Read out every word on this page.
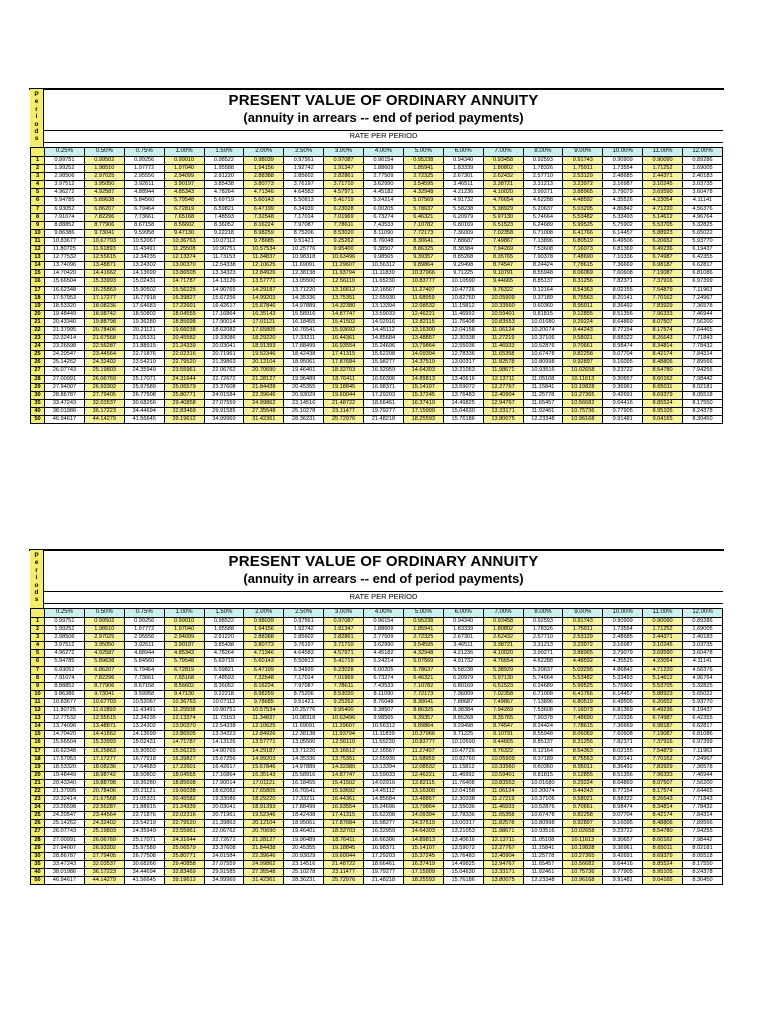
P
e
r
i
o
d
s
PRESENT VALUE OF ORDINARY ANNUITY
(annuity in arrears -- end of period payments)
RATE PER PERIOD
	0.25%	0.50%	0.75%	1.00%	1.50%	2.00%	2.50%	3.00%	4.00%	5.00%	6.00%	7.00%	8.00%	9.00%	10.00%	11.00%	12.00%
1	0.99751	0.99502	0.99256	0.99010	0.98522	0.98039	0.97561	0.97087	0.96154	0.95238	0.94340	0.93458	0.92593	0.91743	0.90909	0.90090	0.89286
2	1.99252	1.98510	1.97772	1.97040	1.95588	1.94156	1.92742	1.91347	1.88609	1.85941	1.83339	1.80802	1.78326	1.75911	1.73554	1.71252	1.69005
3	2.98506	2.97025	2.95556	2.94099	2.91220	2.88388	2.85602	2.82861	2.77509	2.72325	2.67301	2.62432	2.57710	2.53129	2.48685	2.44371	2.40183
4	3.97512	3.95050	3.92611	3.90197	3.85438	3.80773	3.76197	3.71710	3.62990	3.54595	3.46511	3.38721	3.31213	3.23972	3.16987	3.10245	3.03735
5	4.96272	4.92587	4.88944	4.85343	4.78264	4.71346	4.64583	4.57971	4.45182	4.32948	4.21236	4.10020	3.99271	3.88965	3.79079	3.69590	3.60478
6	5.94785	5.89638	5.84560	5.79548	5.69719	5.60143	5.50813	5.41719	5.24214	5.07569	4.91732	4.76654	4.62288	4.48592	4.35526	4.23054	4.11141
7	6.93052	6.86207	6.79464	6.72819	6.59821	6.47199	6.34939	6.23028	6.00205	5.78637	5.58238	5.38929	5.20637	5.03295	4.86842	4.71220	4.56376
8	7.91074	7.82296	7.73661	7.65168	7.48593	7.32548	7.17014	7.01969	6.73274	6.46321	6.20979	5.97130	5.74664	5.53482	5.33493	5.14612	4.96764
9	8.88852	8.77906	8.67158	8.56602	8.36052	8.16224	7.97087	7.78611	7.43533	7.10782	6.80169	6.51523	6.24689	5.99525	5.75902	5.53705	5.32825
10	9.86386	9.73041	9.59958	9.47130	9.22218	8.98259	8.75206	8.53020	8.11090	7.72173	7.36009	7.02358	6.71008	6.41766	6.14457	5.88923	5.65022
11	10.83677	10.67703	10.52067	10.36763	10.07112	9.78685	9.51421	9.25262	8.76048	8.30641	7.88687	7.49867	7.13896	6.80519	6.49506	6.20652	5.93770
12	11.80725	11.61893	11.43491	11.25508	10.90751	10.57534	10.25776	9.95400	9.38507	8.86325	8.38384	7.94269	7.53608	7.16073	6.81369	6.49236	6.19437
13	12.77532	12.55615	12.34235	12.13374	11.73153	11.34837	10.98318	10.63496	9.98565	9.39357	8.85268	8.35765	7.90378	7.48690	7.10336	6.74987	6.42355
14	13.74096	13.48871	13.24302	13.00370	12.54338	12.10625	11.69091	11.29607	10.56312	9.89864	9.29498	8.74547	8.24424	7.78615	7.36669	6.98187	6.62817
15	14.70420	14.41662	14.13699	13.86505	13.34323	12.84926	12.38138	11.93794	11.11839	10.37966	9.71225	9.10791	8.55948	8.06069	7.60608	7.19087	6.81086
16	15.66504	15.33993	15.02431	14.71787	14.13126	13.57771	13.05500	12.56110	11.65230	10.83777	10.10590	9.44665	8.85137	8.31256	7.82371	7.37916	6.97399
17	16.62348	16.25863	15.90502	15.56225	14.90765	14.29187	13.71220	13.16612	12.16567	11.27407	10.47726	9.76322	9.12164	8.54363	8.02155	7.54879	7.11963
18	17.57953	17.17277	16.77918	16.39827	15.67256	14.99203	14.35336	13.75351	12.65930	11.68959	10.82760	10.05909	9.37189	8.75563	8.20141	7.70162	7.24967
19	18.53320	18.08236	17.64683	17.22601	16.42617	15.67846	14.97889	14.32380	13.13394	12.08532	11.15812	10.33560	9.60360	8.95011	8.36492	7.83929	7.36578
20	19.48449	18.98742	18.50802	18.04555	17.16864	16.35143	15.58916	14.87747	13.59033	12.46221	11.46992	10.59401	9.81815	9.12855	8.51356	7.96333	7.46944
21	20.43340	19.88798	19.36280	18.85698	17.90014	17.01121	16.18455	15.41502	14.02916	12.82115	11.76408	10.83553	10.01680	9.29224	8.64869	8.07507	7.56200
22	21.37995	20.78406	20.21121	19.66038	18.62082	17.65805	16.76541	15.93692	14.45112	13.16300	12.04158	11.06124	10.20074	9.44243	8.77154	8.17574	7.64465
23	22.32414	21.67568	21.05331	20.45582	19.33086	18.29220	17.33211	16.44361	14.85684	13.48857	12.30338	11.27219	10.37106	9.58021	8.88322	8.26643	7.71843
24	23.26598	22.56287	21.88915	21.24339	20.03041	18.91393	17.88499	16.93554	15.24696	13.79864	12.55036	11.46933	10.52876	9.70661	8.98474	8.34814	7.78432
25	24.20547	23.44564	22.71876	22.02316	20.71961	19.52346	18.42438	17.41315	15.62208	14.09394	12.78336	11.65358	10.67478	9.82258	9.07704	8.42174	7.84314
26	25.14262	24.32402	23.54219	22.79520	21.39863	20.12104	18.95061	17.87684	15.98277	14.37519	13.00317	11.82578	10.80998	9.92897	9.16095	8.48806	7.89566
27	26.07743	25.19803	24.35949	23.55961	22.06762	20.70690	19.46401	18.32703	16.32959	14.64303	13.21053	11.98671	10.93516	10.02658	9.23722	8.54780	7.94255
28	27.00991	26.06769	25.17071	24.31644	22.72672	21.28127	19.96489	18.76411	16.66306	14.89813	13.40616	12.13711	11.05108	10.11613	9.30657	8.60162	7.98442
29	27.94007	26.93302	25.97589	25.06579	23.37608	21.84438	20.45355	19.18845	16.98371	15.14107	13.59072	12.27767	11.15841	10.19828	9.36961	8.65011	8.02181
30	28.86787	27.79405	26.77508	25.80771	24.01584	22.39646	20.93029	19.60044	17.29203	15.37245	13.76483	12.40904	11.25778	10.27365	9.42691	8.69379	8.05518
35	33.47243	32.03537	30.68266	29.40858	27.07559	24.99862	23.14516	21.48722	18.66461	16.37419	14.49825	12.94767	11.65457	10.56682	9.64416	8.85524	8.17550
40	38.01986	36.17223	34.44694	32.83469	29.91585	27.35548	25.10278	23.11477	19.79277	17.15909	15.04630	13.33171	11.92461	10.75736	9.77905	8.95105	8.24378
50	46.94617	44.14279	41.56645	39.19612	34.99969	31.42361	28.36231	25.72976	21.48218	18.25593	15.76186	13.80075	12.23348	10.96168	9.91481	9.04165	8.30450
P
e
r
i
o
d
s
PRESENT VALUE OF ORDINARY ANNUITY
(annuity in arrears -- end of period payments)
RATE PER PERIOD
	0.25%	0.50%	0.75%	1.00%	1.50%	2.00%	2.50%	3.00%	4.00%	5.00%	6.00%	7.00%	8.00%	9.00%	10.00%	11.00%	12.00%
1	0.99751	0.99502	0.99256	0.99010	0.98522	0.98039	0.97561	0.97087	0.96154	0.95238	0.94340	0.93458	0.92593	0.91743	0.90909	0.90090	0.89286
2	1.99252	1.98510	1.97772	1.97040	1.95588	1.94156	1.92742	1.91347	1.88609	1.85941	1.83339	1.80802	1.78326	1.75911	1.73554	1.71252	1.69005
3	2.98506	2.97025	2.95556	2.94099	2.91220	2.88388	2.85602	2.82861	2.77509	2.72325	2.67301	2.62432	2.57710	2.53129	2.48685	2.44371	2.40183
4	3.97512	3.95050	3.92611	3.90197	3.85438	3.80773	3.76197	3.71710	3.62990	3.54595	3.46511	3.38721	3.31213	3.23972	3.16987	3.10245	3.03735
5	4.96272	4.92587	4.88944	4.85343	4.78264	4.71346	4.64583	4.57971	4.45182	4.32948	4.21236	4.10020	3.99271	3.88965	3.79079	3.69590	3.60478
6	5.94785	5.89638	5.84560	5.79548	5.69719	5.60143	5.50813	5.41719	5.24214	5.07569	4.91732	4.76654	4.62288	4.48592	4.35526	4.23054	4.11141
7	6.93052	6.86207	6.79464	6.72819	6.59821	6.47199	6.34939	6.23028	6.00205	5.78637	5.58238	5.38929	5.20637	5.03295	4.86842	4.71220	4.56376
8	7.91074	7.82296	7.73661	7.65168	7.48593	7.32548	7.17014	7.01969	6.73274	6.46321	6.20979	5.97130	5.74664	5.53482	5.33493	5.14612	4.96764
9	8.88852	8.77906	8.67158	8.56602	8.36052	8.16224	7.97087	7.78611	7.43533	7.10782	6.80169	6.51523	6.24689	5.99525	5.75902	5.53705	5.32825
10	9.86386	9.73041	9.59958	9.47130	9.22218	8.98259	8.75206	8.53020	8.11090	7.72173	7.36009	7.02358	6.71008	6.41766	6.14457	5.88923	5.65022
11	10.83677	10.67703	10.52067	10.36763	10.07112	9.78685	9.51421	9.25262	8.76048	8.30641	7.88687	7.49867	7.13896	6.80519	6.49506	6.20652	5.93770
12	11.80725	11.61893	11.43491	11.25508	10.90751	10.57534	10.25776	9.95400	9.38507	8.86325	8.38384	7.94269	7.53608	7.16073	6.81369	6.49236	6.19437
13	12.77532	12.55615	12.34235	12.13374	11.73153	11.34837	10.98318	10.63496	9.98565	9.39357	8.85268	8.35765	7.90378	7.48690	7.10336	6.74987	6.42355
14	13.74096	13.48871	13.24302	13.00370	12.54338	12.10625	11.69091	11.29607	10.56312	9.89864	9.29498	8.74547	8.24424	7.78615	7.36669	6.98187	6.62817
15	14.70420	14.41662	14.13699	13.86505	13.34323	12.84926	12.38138	11.93794	11.11839	10.37966	9.71225	9.10791	8.55948	8.06069	7.60608	7.19087	6.81086
16	15.66504	15.33993	15.02431	14.71787	14.13126	13.57771	13.05500	12.56110	11.65230	10.83777	10.10590	9.44665	8.85137	8.31256	7.82371	7.37916	6.97399
17	16.62348	16.25863	15.90502	15.56225	14.90765	14.29187	13.71220	13.16612	12.16567	11.27407	10.47726	9.76322	9.12164	8.54363	8.02155	7.54879	7.11963
18	17.57953	17.17277	16.77918	16.39827	15.67256	14.99203	14.35336	13.75351	12.65930	11.68959	10.82760	10.05909	9.37189	8.75563	8.20141	7.70162	7.24967
19	18.53320	18.08236	17.64683	17.22601	16.42617	15.67846	14.97889	14.32380	13.13394	12.08532	11.15812	10.33560	9.60360	8.95011	8.36492	7.83929	7.36578
20	19.48449	18.98742	18.50802	18.04555	17.16864	16.35143	15.58916	14.87747	13.59033	12.46221	11.46992	10.59401	9.81815	9.12855	8.51356	7.96333	7.46944
21	20.43340	19.88798	19.36280	18.85698	17.90014	17.01121	16.18455	15.41502	14.02916	12.82115	11.76408	10.83553	10.01680	9.29224	8.64869	8.07507	7.56200
22	21.37995	20.78406	20.21121	19.66038	18.62082	17.65805	16.76541	15.93692	14.45112	13.16300	12.04158	11.06124	10.20074	9.44243	8.77154	8.17574	7.64465
23	22.32414	21.67568	21.05331	20.45582	19.33086	18.29220	17.33211	16.44361	14.85684	13.48857	12.30338	11.27219	10.37106	9.58021	8.88322	8.26643	7.71843
24	23.26598	22.56287	21.88915	21.24339	20.03041	18.91393	17.88499	16.93554	15.24696	13.79864	12.55036	11.46933	10.52876	9.70661	8.98474	8.34814	7.78432
25	24.20547	23.44564	22.71876	22.02316	20.71961	19.52346	18.42438	17.41315	15.62208	14.09394	12.78336	11.65358	10.67478	9.82258	9.07704	8.42174	7.84314
26	25.14262	24.32402	23.54219	22.79520	21.39863	20.12104	18.95061	17.87684	15.98277	14.37519	13.00317	11.82578	10.80998	9.92897	9.16095	8.48806	7.89566
27	26.07743	25.19803	24.35949	23.55961	22.06762	20.70690	19.46401	18.32703	16.32959	14.64303	13.21053	11.98671	10.93516	10.02658	9.23722	8.54780	7.94255
28	27.00991	26.06769	25.17071	24.31644	22.72672	21.28127	19.96489	18.76411	16.66306	14.89813	13.40616	12.13711	11.05108	10.11613	9.30657	8.60162	7.98442
29	27.94007	26.93302	25.97589	25.06579	23.37608	21.84438	20.45355	19.18845	16.98371	15.14107	13.59072	12.27767	11.15841	10.19828	9.36961	8.65011	8.02181
30	28.86787	27.79405	26.77508	25.80771	24.01584	22.39646	20.93029	19.60044	17.29203	15.37245	13.76483	12.40904	11.25778	10.27365	9.42691	8.69379	8.05518
35	33.47243	32.03537	30.68266	29.40858	27.07559	24.99862	23.14516	21.48722	18.66461	16.37419	14.49825	12.94767	11.65457	10.56682	9.64416	8.85524	8.17550
40	38.01986	36.17223	34.44694	32.83469	29.91585	27.35548	25.10278	23.11477	19.79277	17.15909	15.04630	13.33171	11.92461	10.75736	9.77905	8.95105	8.24378
50	46.94617	44.14279	41.56645	39.19612	34.99969	31.42361	28.36231	25.72976	21.48218	18.25593	15.76186	13.80075	12.23348	10.96168	9.91481	9.04165	8.30450
